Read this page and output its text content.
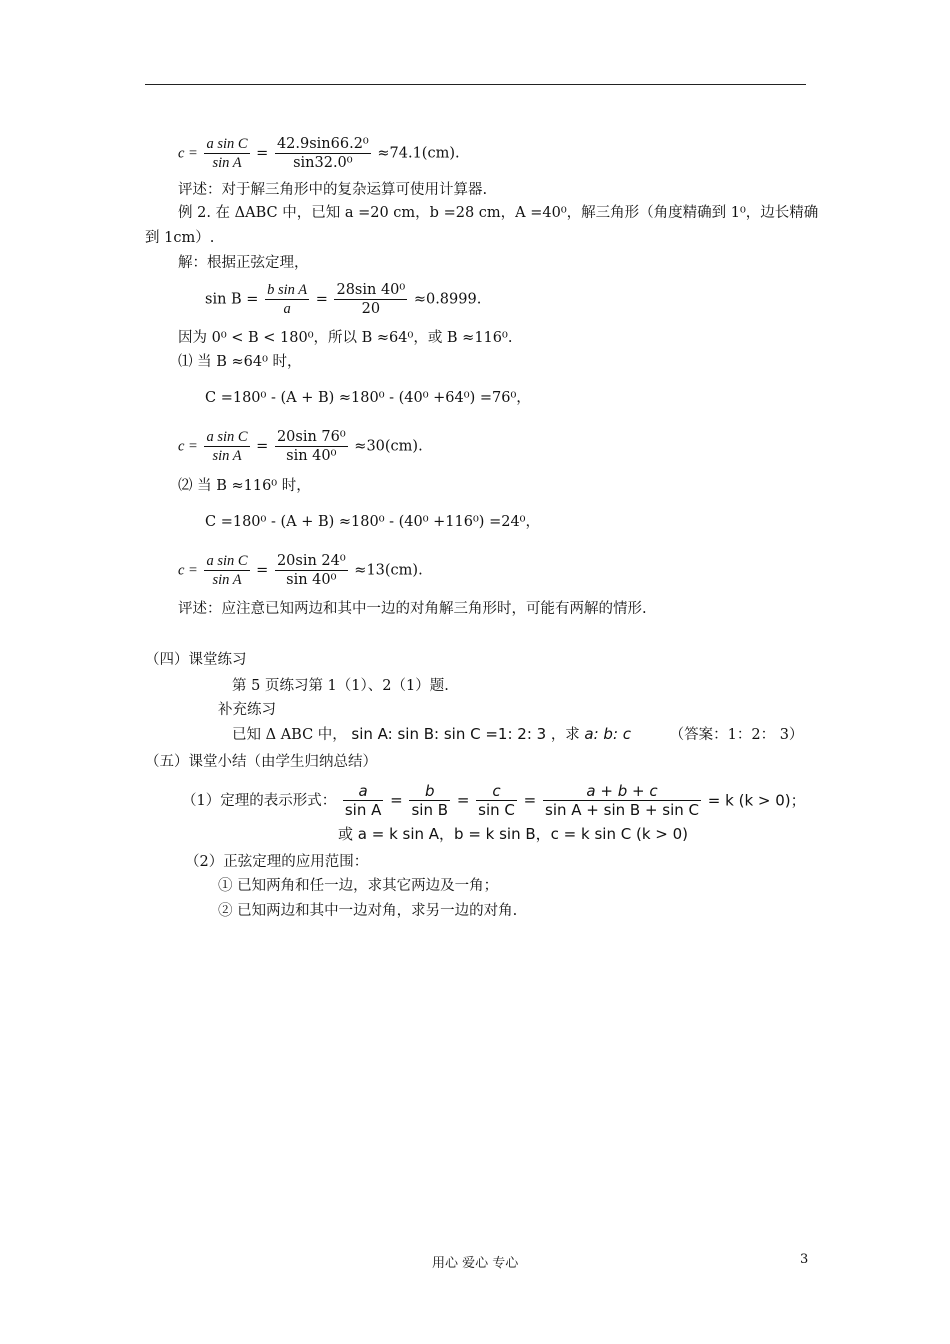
$c = \frac{\text{a sin C}}{\text{sin A}} = \frac{\text{42.9sin66.2⁰}}{\text{sin32.0⁰}} \approx 74.1(cm)$.
评述：对于解三角形中的复杂运算可使用计算器.
例 2. 在 ΔABC 中，已知 a =20 cm，b =28 cm，A =40⁰，解三角形（角度精确到 1⁰，边长精确
到 1cm）.
解：根据正弦定理，
$\sin B = \frac{\text{b sin A}}{a} = \frac{\text{28sin 40⁰}}{20} \approx 0.8999$.
因为 0⁰ < B < 180⁰，所以 B ≈64⁰，或 B ≈116⁰.
⑴ 当 B ≈64⁰ 时，
C =180⁰ - (A + B) ≈180⁰ - (40⁰ +64⁰) =76⁰，
$c = \frac{\text{a sin C}}{\text{sin A}} = \frac{\text{20sin 76⁰}}{\text{sin 40⁰}} \approx 30(cm)$.
⑵ 当 B ≈116⁰ 时，
C =180⁰ - (A + B) ≈180⁰ - (40⁰ +116⁰) =24⁰，
$c = \frac{\text{a sin C}}{\text{sin A}} = \frac{\text{20sin 24⁰}}{\text{sin 40⁰}} \approx 13(cm)$.
评述：应注意已知两边和其中一边的对角解三角形时，可能有两解的情形.
（四）课堂练习
第 5 页练习第 1（1）、2（1）题.
补充练习
已知 Δ ABC 中， sin A: sin B: sin C =1: 2: 3 ，求 a: b: c	（答案：1：2： 3）
（五）课堂小结（由学生归纳总结）
（1）定理的表示形式： $\frac{a}{\text{sin A}} = \frac{b}{\text{sin B}} = \frac{c}{\text{sin C}} = \frac{a + b + c}{\text{sin A + sin B + sin C}} = k$ (k > 0)；
或 a = k sin A，b = k sin B，c = k sin C (k > 0)
（2）正弦定理的应用范围：
① 已知两角和任一边，求其它两边及一角；
② 已知两边和其中一边对角，求另一边的对角.
用心 爱心 专心	3
